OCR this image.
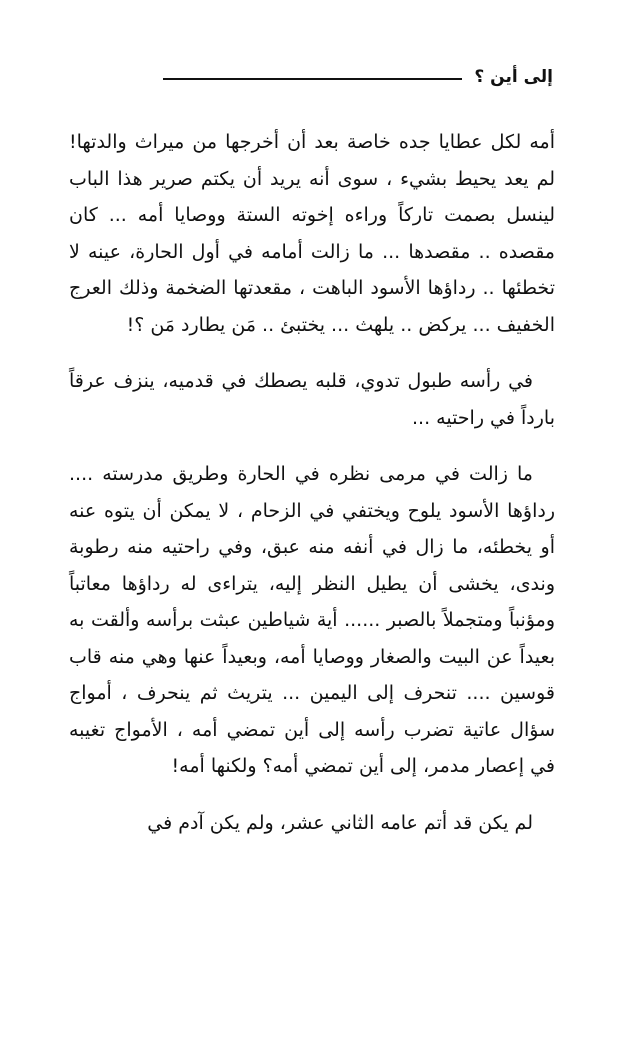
إلى أين ؟

أمه لكل عطايا جده خاصة بعد أن أخرجها من ميراث والدتها! لم يعد يحيط بشيء ، سوى أنه يريد أن يكتم صرير هذا الباب لينسل بصمت تاركاً وراءه إخوته الستة ووصايا أمه ... كان مقصده .. مقصدها ... ما زالت أمامه في أول الحارة، عينه لا تخطئها .. رداؤها الأسود الباهت ، مقعدتها الضخمة وذلك العرج الخفيف ... يركض .. يلهث ... يختبئ .. مَن يطارد مَن ؟!

في رأسه طبول تدوي، قلبه يصطك في قدميه، ينزف عرقاً بارداً في راحتيه ...

ما زالت في مرمى نظره في الحارة وطريق مدرسته .... رداؤها الأسود يلوح ويختفي في الزحام ، لا يمكن أن يتوه عنه أو يخطئه، ما زال في أنفه منه عبق، وفي راحتيه منه رطوبة وندى، يخشى أن يطيل النظر إليه، يتراءى له رداؤها معاتباً ومؤنباً ومتجملاً بالصبر ...... أية شياطين عبثت برأسه وألقت به بعيداً عن البيت والصغار ووصايا أمه، وبعيداً عنها وهي منه قاب قوسين .... تنحرف إلى اليمين ... يتريث ثم ينحرف ، أمواج سؤال عاتية تضرب رأسه إلى أين تمضي أمه ، الأمواج تغيبه في إعصار مدمر، إلى أين تمضي أمه؟ ولكنها أمه!

لم يكن قد أتم عامه الثاني عشر، ولم يكن آدم في
